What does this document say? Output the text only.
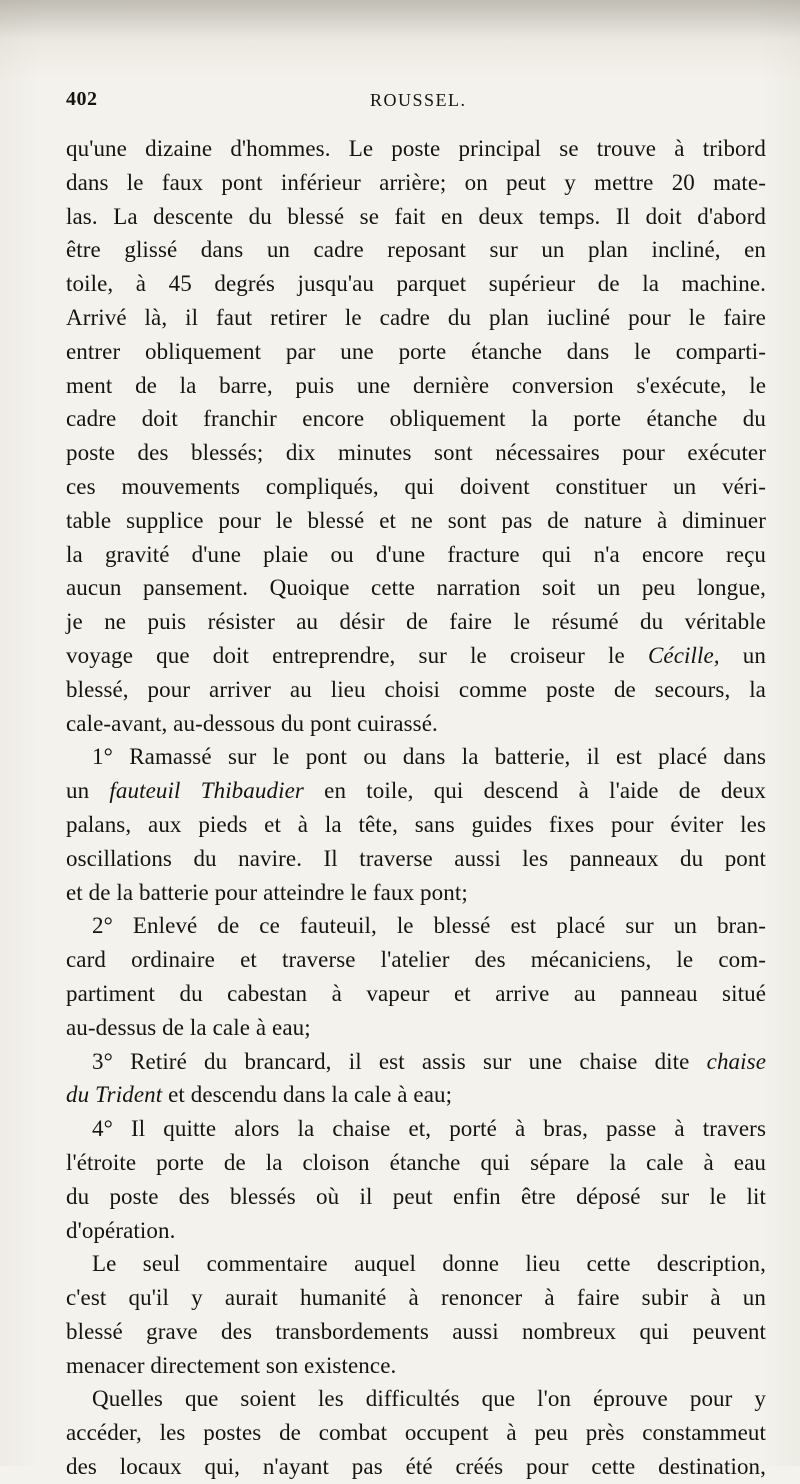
402	ROUSSEL.
qu'une dizaine d'hommes. Le poste principal se trouve à tribord
dans le faux pont inférieur arrière; on peut y mettre 20 mate-
las. La descente du blessé se fait en deux temps. Il doit d'abord
être glissé dans un cadre reposant sur un plan incliné, en
toile, à 45 degrés jusqu'au parquet supérieur de la machine.
Arrivé là, il faut retirer le cadre du plan iucliné pour le faire
entrer obliquement par une porte étanche dans le comparti-
ment de la barre, puis une dernière conversion s'exécute, le
cadre doit franchir encore obliquement la porte étanche du
poste des blessés; dix minutes sont nécessaires pour exécuter
ces mouvements compliqués, qui doivent constituer un véri-
table supplice pour le blessé et ne sont pas de nature à diminuer
la gravité d'une plaie ou d'une fracture qui n'a encore reçu
aucun pansement. Quoique cette narration soit un peu longue,
je ne puis résister au désir de faire le résumé du véritable
voyage que doit entreprendre, sur le croiseur le Cécille, un
blessé, pour arriver au lieu choisi comme poste de secours, la
cale-avant, au-dessous du pont cuirassé.
1° Ramassé sur le pont ou dans la batterie, il est placé dans
un fauteuil Thibaudier en toile, qui descend à l'aide de deux
palans, aux pieds et à la tête, sans guides fixes pour éviter les
oscillations du navire. Il traverse aussi les panneaux du pont
et de la batterie pour atteindre le faux pont;
2° Enlevé de ce fauteuil, le blessé est placé sur un bran-
card ordinaire et traverse l'atelier des mécaniciens, le com-
partiment du cabestan à vapeur et arrive au panneau situé
au-dessus de la cale à eau;
3° Retiré du brancard, il est assis sur une chaise dite chaise
du Trident et descendu dans la cale à eau;
4° Il quitte alors la chaise et, porté à bras, passe à travers
l'étroite porte de la cloison étanche qui sépare la cale à eau
du poste des blessés où il peut enfin être déposé sur le lit
d'opération.
Le seul commentaire auquel donne lieu cette description,
c'est qu'il y aurait humanité à renoncer à faire subir à un
blessé grave des transbordements aussi nombreux qui peuvent
menacer directement son existence.
Quelles que soient les difficultés que l'on éprouve pour y
accéder, les postes de combat occupent à peu près constammeut
des locaux qui, n'ayant pas été créés pour cette destination,
